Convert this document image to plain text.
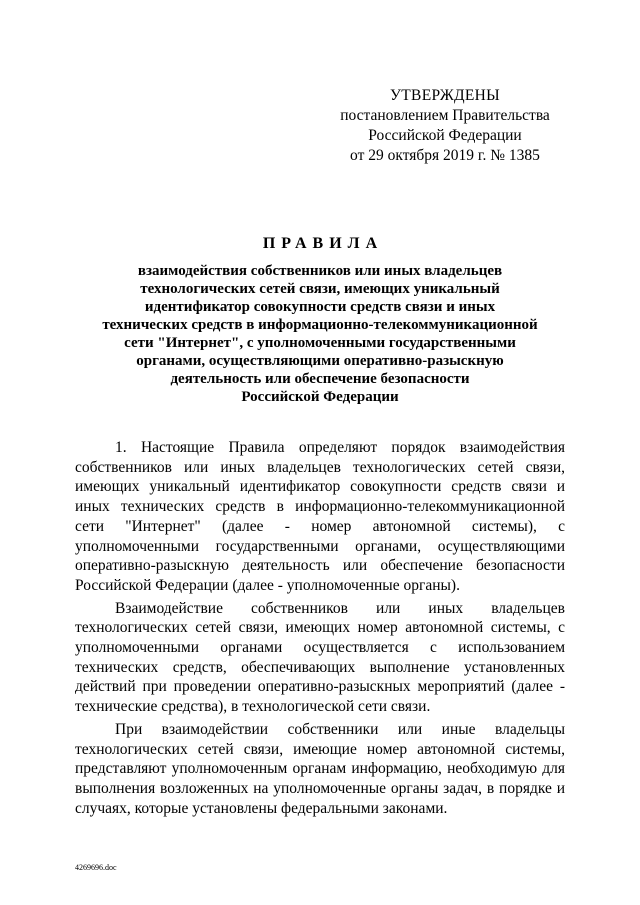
УТВЕРЖДЕНЫ
постановлением Правительства
Российской Федерации
от 29 октября 2019 г. № 1385
ПРАВИЛА
взаимодействия собственников или иных владельцев
технологических сетей связи, имеющих уникальный
идентификатор совокупности средств связи и иных
технических средств в информационно-телекоммуникационной
сети "Интернет", с уполномоченными государственными
органами, осуществляющими оперативно-разыскную
деятельность или обеспечение безопасности
Российской Федерации

1. Настоящие Правила определяют порядок взаимодействия собственников или иных владельцев технологических сетей связи, имеющих уникальный идентификатор совокупности средств связи и иных технических средств в информационно-телекоммуникационной сети "Интернет" (далее - номер автономной системы), с уполномоченными государственными органами, осуществляющими оперативно-разыскную деятельность или обеспечение безопасности Российской Федерации (далее - уполномоченные органы).

Взаимодействие собственников или иных владельцев технологических сетей связи, имеющих номер автономной системы, с уполномоченными органами осуществляется с использованием технических средств, обеспечивающих выполнение установленных действий при проведении оперативно-разыскных мероприятий (далее - технические средства), в технологической сети связи.

При взаимодействии собственники или иные владельцы технологических сетей связи, имеющие номер автономной системы, представляют уполномоченным органам информацию, необходимую для выполнения возложенных на уполномоченные органы задач, в порядке и случаях, которые установлены федеральными законами.

4269696.doc
